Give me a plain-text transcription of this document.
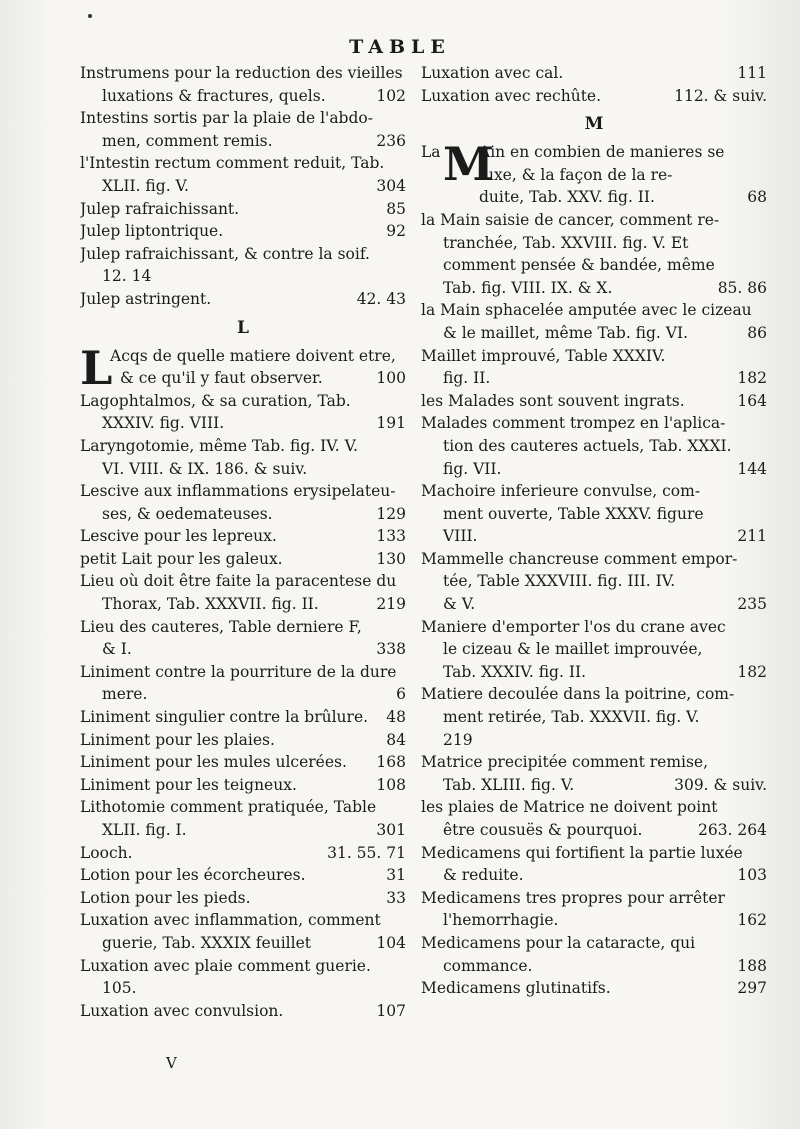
TABLE
Instrumens pour la reduction des vieilles
102
luxations & fractures, quels.
Intestins sortis par la plaie de l'abdo-
236
men, comment remis.
l'Intestin rectum comment reduit, Tab.
304
XLII. fig. V.
85
Julep rafraichissant.
92
Julep liptontrique.
Julep rafraichissant, & contre la soif.
12. 14
42. 43
Julep astringent.
L
L
Acqs de quelle matiere doivent etre,
100
& ce qu'il y faut observer.
Lagophtalmos, & sa curation, Tab.
191
XXXIV. fig. VIII.
Laryngotomie, même Tab. fig. IV. V.
VI. VIII. & IX. 186. & suiv.
Lescive aux inflammations erysipelateu-
129
ses, & oedemateuses.
133
Lescive pour les lepreux.
130
petit Lait pour les galeux.
Lieu où doit être faite la paracentese du
219
Thorax, Tab. XXXVII. fig. II.
Lieu des cauteres, Table derniere F,
338
& I.
Liniment contre la pourriture de la dure
6
mere.
48
Liniment singulier contre la brûlure.
84
Liniment pour les plaies.
168
Liniment pour les mules ulcerées.
108
Liniment pour les teigneux.
Lithotomie comment pratiquée, Table
301
XLII. fig. I.
31. 55. 71
Looch.
31
Lotion pour les écorcheures.
33
Lotion pour les pieds.
Luxation avec inflammation, comment
104
guerie, Tab. XXXIX feuillet
Luxation avec plaie comment guerie.
105.
107
Luxation avec convulsion.
111
Luxation avec cal.
112. & suiv.
Luxation avec rechûte.
M
La M
Ain en combien de manieres se
luxe, & la façon de la re-
68
duite, Tab. XXV. fig. II.
la Main saisie de cancer, comment re-
tranchée, Tab. XXVIII. fig. V. Et
comment pensée & bandée, même
85. 86
Tab. fig. VIII. IX. & X.
la Main sphacelée amputée avec le cizeau
86
& le maillet, même Tab. fig. VI.
Maillet improuvé, Table XXXIV.
182
fig. II.
164
les Malades sont souvent ingrats.
Malades comment trompez en l'aplica-
tion des cauteres actuels, Tab. XXXI.
144
fig. VII.
Machoire inferieure convulse, com-
ment ouverte, Table XXXV. figure
211
VIII.
Mammelle chancreuse comment empor-
tée, Table XXXVIII. fig. III. IV.
235
& V.
Maniere d'emporter l'os du crane avec
le cizeau & le maillet improuvée,
182
Tab. XXXIV. fig. II.
Matiere decoulée dans la poitrine, com-
ment retirée, Tab. XXXVII. fig. V.
219
Matrice precipitée comment remise,
309. & suiv.
Tab. XLIII. fig. V.
les plaies de Matrice ne doivent point
263. 264
être cousuës & pourquoi.
Medicamens qui fortifient la partie luxée
103
& reduite.
Medicamens tres propres pour arrêter
162
l'hemorrhagie.
Medicamens pour la cataracte, qui
188
commance.
297
Medicamens glutinatifs.
V
